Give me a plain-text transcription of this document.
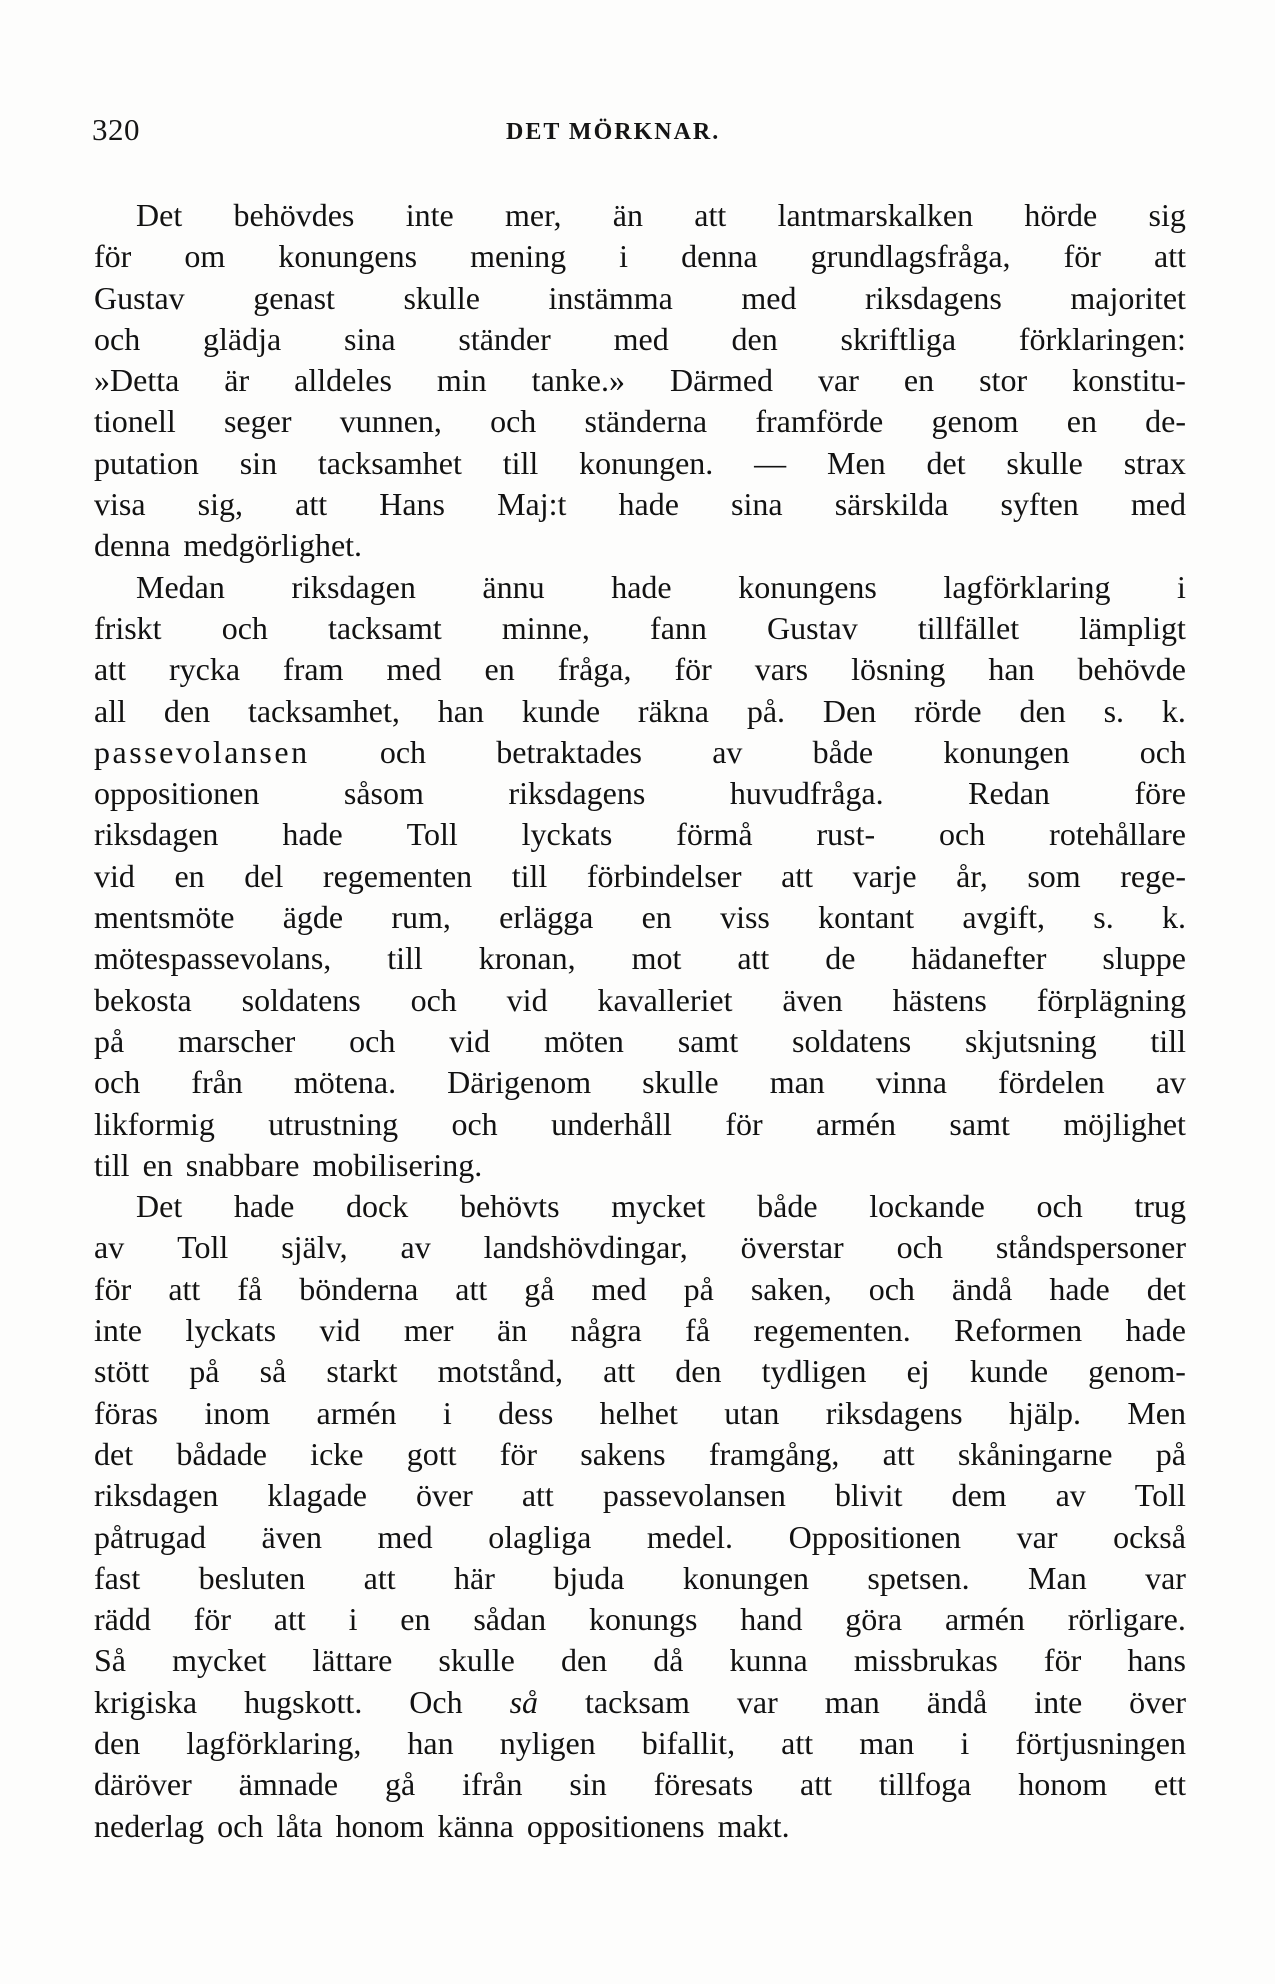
320	DET MÖRKNAR.
Det behövdes inte mer, än att lantmarskalken hörde sig
för om konungens mening i denna grundlagsfråga, för att
Gustav genast skulle instämma med riksdagens majoritet
och glädja sina ständer med den skriftliga förklaringen:
»Detta är alldeles min tanke.» Därmed var en stor konstitu-
tionell seger vunnen, och ständerna framförde genom en de-
putation sin tacksamhet till konungen. — Men det skulle strax
visa sig, att Hans Maj:t hade sina särskilda syften med
denna medgörlighet.
Medan riksdagen ännu hade konungens lagförklaring i
friskt och tacksamt minne, fann Gustav tillfället lämpligt
att rycka fram med en fråga, för vars lösning han behövde
all den tacksamhet, han kunde räkna på. Den rörde den s. k.
passevolansen och betraktades av både konungen och
oppositionen	såsom	riksdagens	huvudfråga.	Redan	före
riksdagen hade Toll lyckats förmå rust- och rotehållare
vid en del regementen till förbindelser att varje år, som rege-
mentsmöte ägde rum, erlägga en viss kontant avgift, s. k.
mötespassevolans, till kronan, mot att de hädanefter sluppe
bekosta soldatens och vid kavalleriet även hästens förplägning
på marscher och vid möten samt soldatens skjutsning till
och från mötena. Därigenom skulle man vinna fördelen av
likformig utrustning och underhåll för armén samt möjlighet
till en snabbare mobilisering.
Det hade dock behövts mycket både lockande och trug
av Toll själv, av landshövdingar, överstar och ståndspersoner
för att få bönderna att gå med på saken, och ändå hade det
inte lyckats vid mer än några få regementen. Reformen hade
stött på så starkt motstånd, att den tydligen ej kunde genom-
föras inom armén i dess helhet utan riksdagens hjälp. Men
det bådade icke gott för sakens framgång, att skåningarne på
riksdagen klagade över att passevolansen blivit dem av Toll
påtrugad även med olagliga medel. Oppositionen var också
fast besluten att här bjuda konungen spetsen. Man var
rädd för att i en sådan konungs hand göra armén rörligare.
Så mycket lättare skulle den då kunna missbrukas för hans
krigiska hugskott. Och så tacksam var man ändå inte över
den lagförklaring, han nyligen bifallit, att man i förtjusningen
däröver ämnade gå ifrån sin föresats att tillfoga honom ett
nederlag och låta honom känna oppositionens makt.
